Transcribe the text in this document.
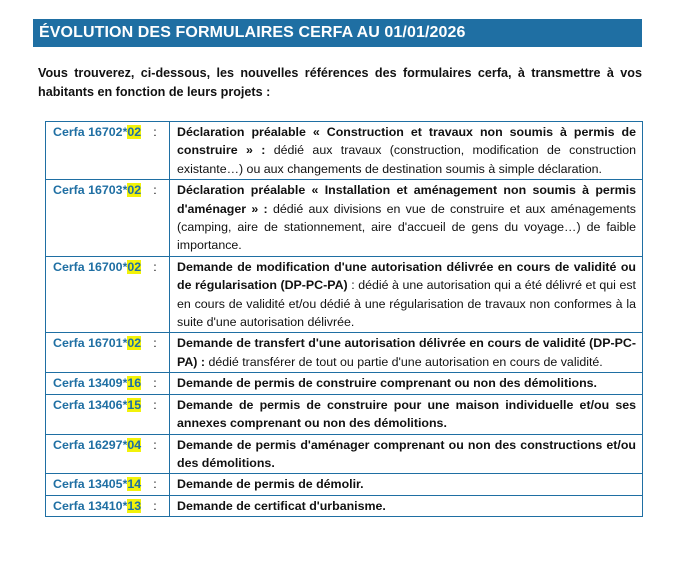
ÉVOLUTION DES FORMULAIRES CERFA AU 01/01/2026
Vous trouverez, ci-dessous, les nouvelles références des formulaires cerfa, à transmettre à vos habitants en fonction de leurs projets :
Cerfa 16702*02 :	Déclaration préalable « Construction et travaux non soumis à permis de construire » : dédié aux travaux (construction, modification de construction existante…) ou aux changements de destination soumis à simple déclaration.
Cerfa 16703*02 :	Déclaration préalable « Installation et aménagement non soumis à permis d'aménager » : dédié aux divisions en vue de construire et aux aménagements (camping, aire de stationnement, aire d'accueil de gens du voyage…) de faible importance.
Cerfa 16700*02 :	Demande de modification d'une autorisation délivrée en cours de validité ou de régularisation (DP-PC-PA) : dédié à une autorisation qui a été délivré et qui est en cours de validité et/ou dédié à une régularisation de travaux non conformes à la suite d'une autorisation délivrée.
Cerfa 16701*02 :	Demande de transfert d'une autorisation délivrée en cours de validité (DP-PC-PA) : dédié transférer de tout ou partie d'une autorisation en cours de validité.
Cerfa 13409*16 :	Demande de permis de construire comprenant ou non des démolitions.
Cerfa 13406*15 :	Demande de permis de construire pour une maison individuelle et/ou ses annexes comprenant ou non des démolitions.
Cerfa 16297*04 :	Demande de permis d'aménager comprenant ou non des constructions et/ou des démolitions.
Cerfa 13405*14 :	Demande de permis de démolir.
Cerfa 13410*13 :	Demande de certificat d'urbanisme.
